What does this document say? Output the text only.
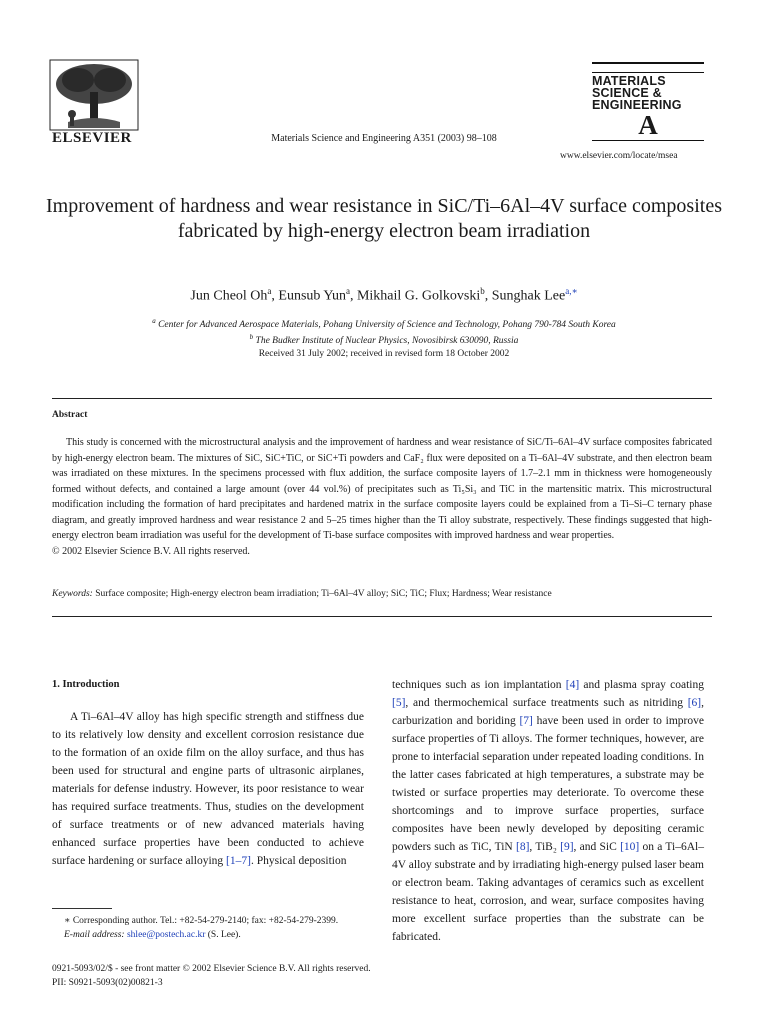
ELSEVIER	Materials Science and Engineering A351 (2003) 98–108
MATERIALS
SCIENCE &
ENGINEERING
A
www.elsevier.com/locate/msea
Improvement of hardness and wear resistance in SiC/Ti–6Al–4V surface composites fabricated by high-energy electron beam irradiation
Jun Cheol Oh$^a$, Eunsub Yun$^a$, Mikhail G. Golkovski$^b$, Sunghak Lee$^{a,∗}$
$^a$ Center for Advanced Aerospace Materials, Pohang University of Science and Technology, Pohang 790-784 South Korea
$^b$ The Budker Institute of Nuclear Physics, Novosibirsk 630090, Russia
Received 31 July 2002; received in revised form 18 October 2002
Abstract

This study is concerned with the microstructural analysis and the improvement of hardness and wear resistance of SiC/Ti–6Al–4V surface composites fabricated by high-energy electron beam. The mixtures of SiC, SiC+TiC, or SiC+Ti powders and CaF₂ flux were deposited on a Ti–6Al–4V substrate, and then electron beam was irradiated on these mixtures. In the specimens processed with flux addition, the surface composite layers of 1.7–2.1 mm in thickness were homogeneously formed without defects, and contained a large amount (over 44 vol.%) of precipitates such as Ti₅Si₃ and TiC in the martensitic matrix. This microstructural modification including the formation of hard precipitates and hardened matrix in the surface composite layers could be explained from a Ti–Si–C ternary phase diagram, and greatly improved hardness and wear resistance 2 and 5–25 times higher than the Ti alloy substrate, respectively. These findings suggested that high-energy electron beam irradiation was useful for the development of Ti-base surface composites with improved hardness and wear properties.

© 2002 Elsevier Science B.V. All rights reserved.

Keywords: Surface composite; High-energy electron beam irradiation; Ti–6Al–4V alloy; SiC; TiC; Flux; Hardness; Wear resistance
1. Introduction

A Ti–6Al–4V alloy has high specific strength and stiffness due to its relatively low density and excellent corrosion resistance due to the formation of an oxide film on the alloy surface, and thus has been used for structural and engine parts of ultrasonic airplanes, materials for defense industry. However, its poor resistance to wear has required surface treatments. Thus, studies on the development of surface treatments or of new advanced materials having enhanced surface properties have been conducted to achieve surface hardening or surface alloying [1–7]. Physical deposition

techniques such as ion implantation [4] and plasma spray coating [5], and thermochemical surface treatments such as nitriding [6], carburization and boriding [7] have been used in order to improve surface properties of Ti alloys. The former techniques, however, are prone to interfacial separation under repeated loading conditions. In the latter cases fabricated at high temperatures, a substrate may be twisted or surface properties may deteriorate. To overcome these shortcomings and to improve surface properties, surface composites have been newly developed by depositing ceramic powders such as TiC, TiN [8], TiB₂ [9], and SiC [10] on a Ti–6Al–4V alloy substrate and by irradiating high-energy pulsed laser beam or electron beam. Taking advantages of ceramics such as excellent resistance to heat, corrosion, and wear, surface composites having more excellent surface properties than the substrate can be fabricated.

∗ Corresponding author. Tel.: +82-54-279-2140; fax: +82-54-279-2399.
E-mail address: shlee@postech.ac.kr (S. Lee).
0921-5093/02/$ - see front matter © 2002 Elsevier Science B.V. All rights reserved.
PII: S0921-5093(02)00821-3
